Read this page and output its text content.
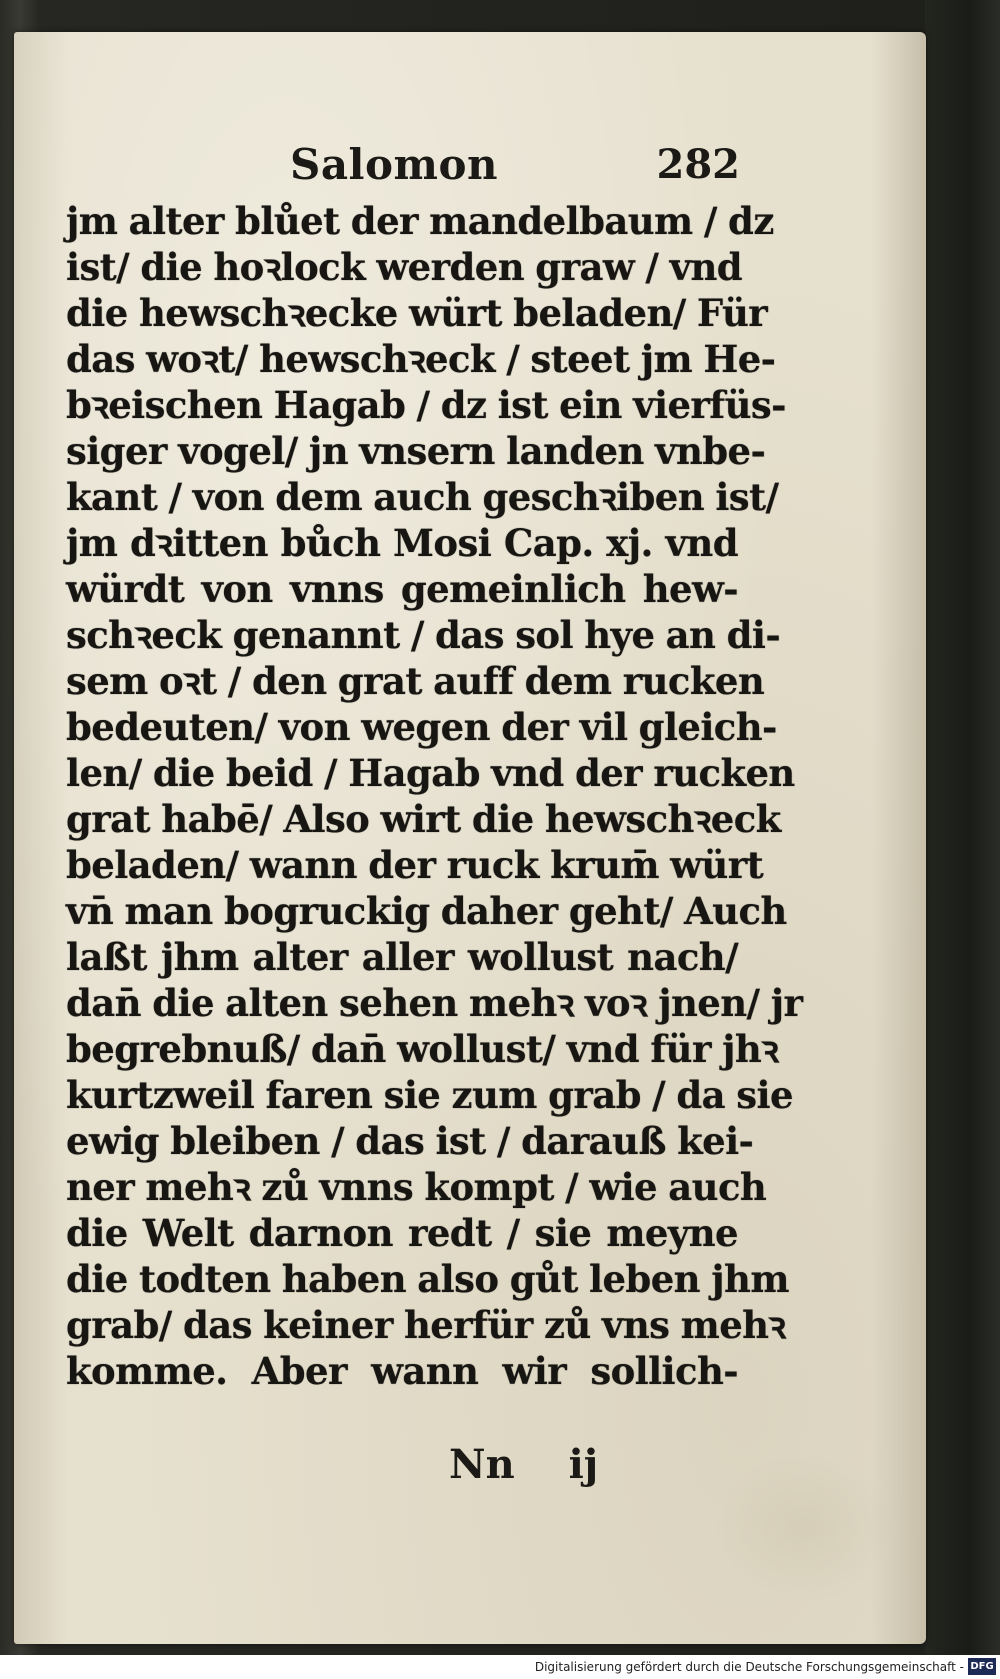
Salomon	282
jm alter blůet der mandelbaum / dz
ist/ die hoꝛlock werden graw / vnd
die hewschꝛecke würt beladen/ Für
das woꝛt/ hewschꝛeck / steet jm He-
bꝛeischen Hagab / dz ist ein vierfüs-
siger vogel/ jn vnsern landen vnbe-
kant / von dem auch geschꝛiben ist/
jm dꝛitten bůch Mosi Cap. xj. vnd
würdt von vnns gemeinlich hew-
schꝛeck genannt / das sol hye an di-
sem oꝛt / den grat auff dem rucken
bedeuten/ von wegen der vil gleich-
len/ die beid / Hagab vnd der rucken
grat habē/ Also wirt die hewschꝛeck
beladen/ wann der ruck krum̄ würt
vn̄ man bogruckig daher geht/ Auch
laßt jhm alter aller wollust nach/
dan̄ die alten sehen mehꝛ voꝛ jnen/ jr
begrebnuß/ dan̄ wollust/ vnd für jhꝛ
kurtzweil faren sie zum grab / da sie
ewig bleiben / das ist / darauß kei-
ner mehꝛ zů vnns kompt / wie auch
die Welt darnon redt / sie meyne
die todten haben also gůt leben jhm
grab/ das keiner herfür zů vns mehꝛ
komme. Aber wann wir sollich-
Nn ij
Digitalisierung gefördert durch die Deutsche Forschungsgemeinschaft - DFG
